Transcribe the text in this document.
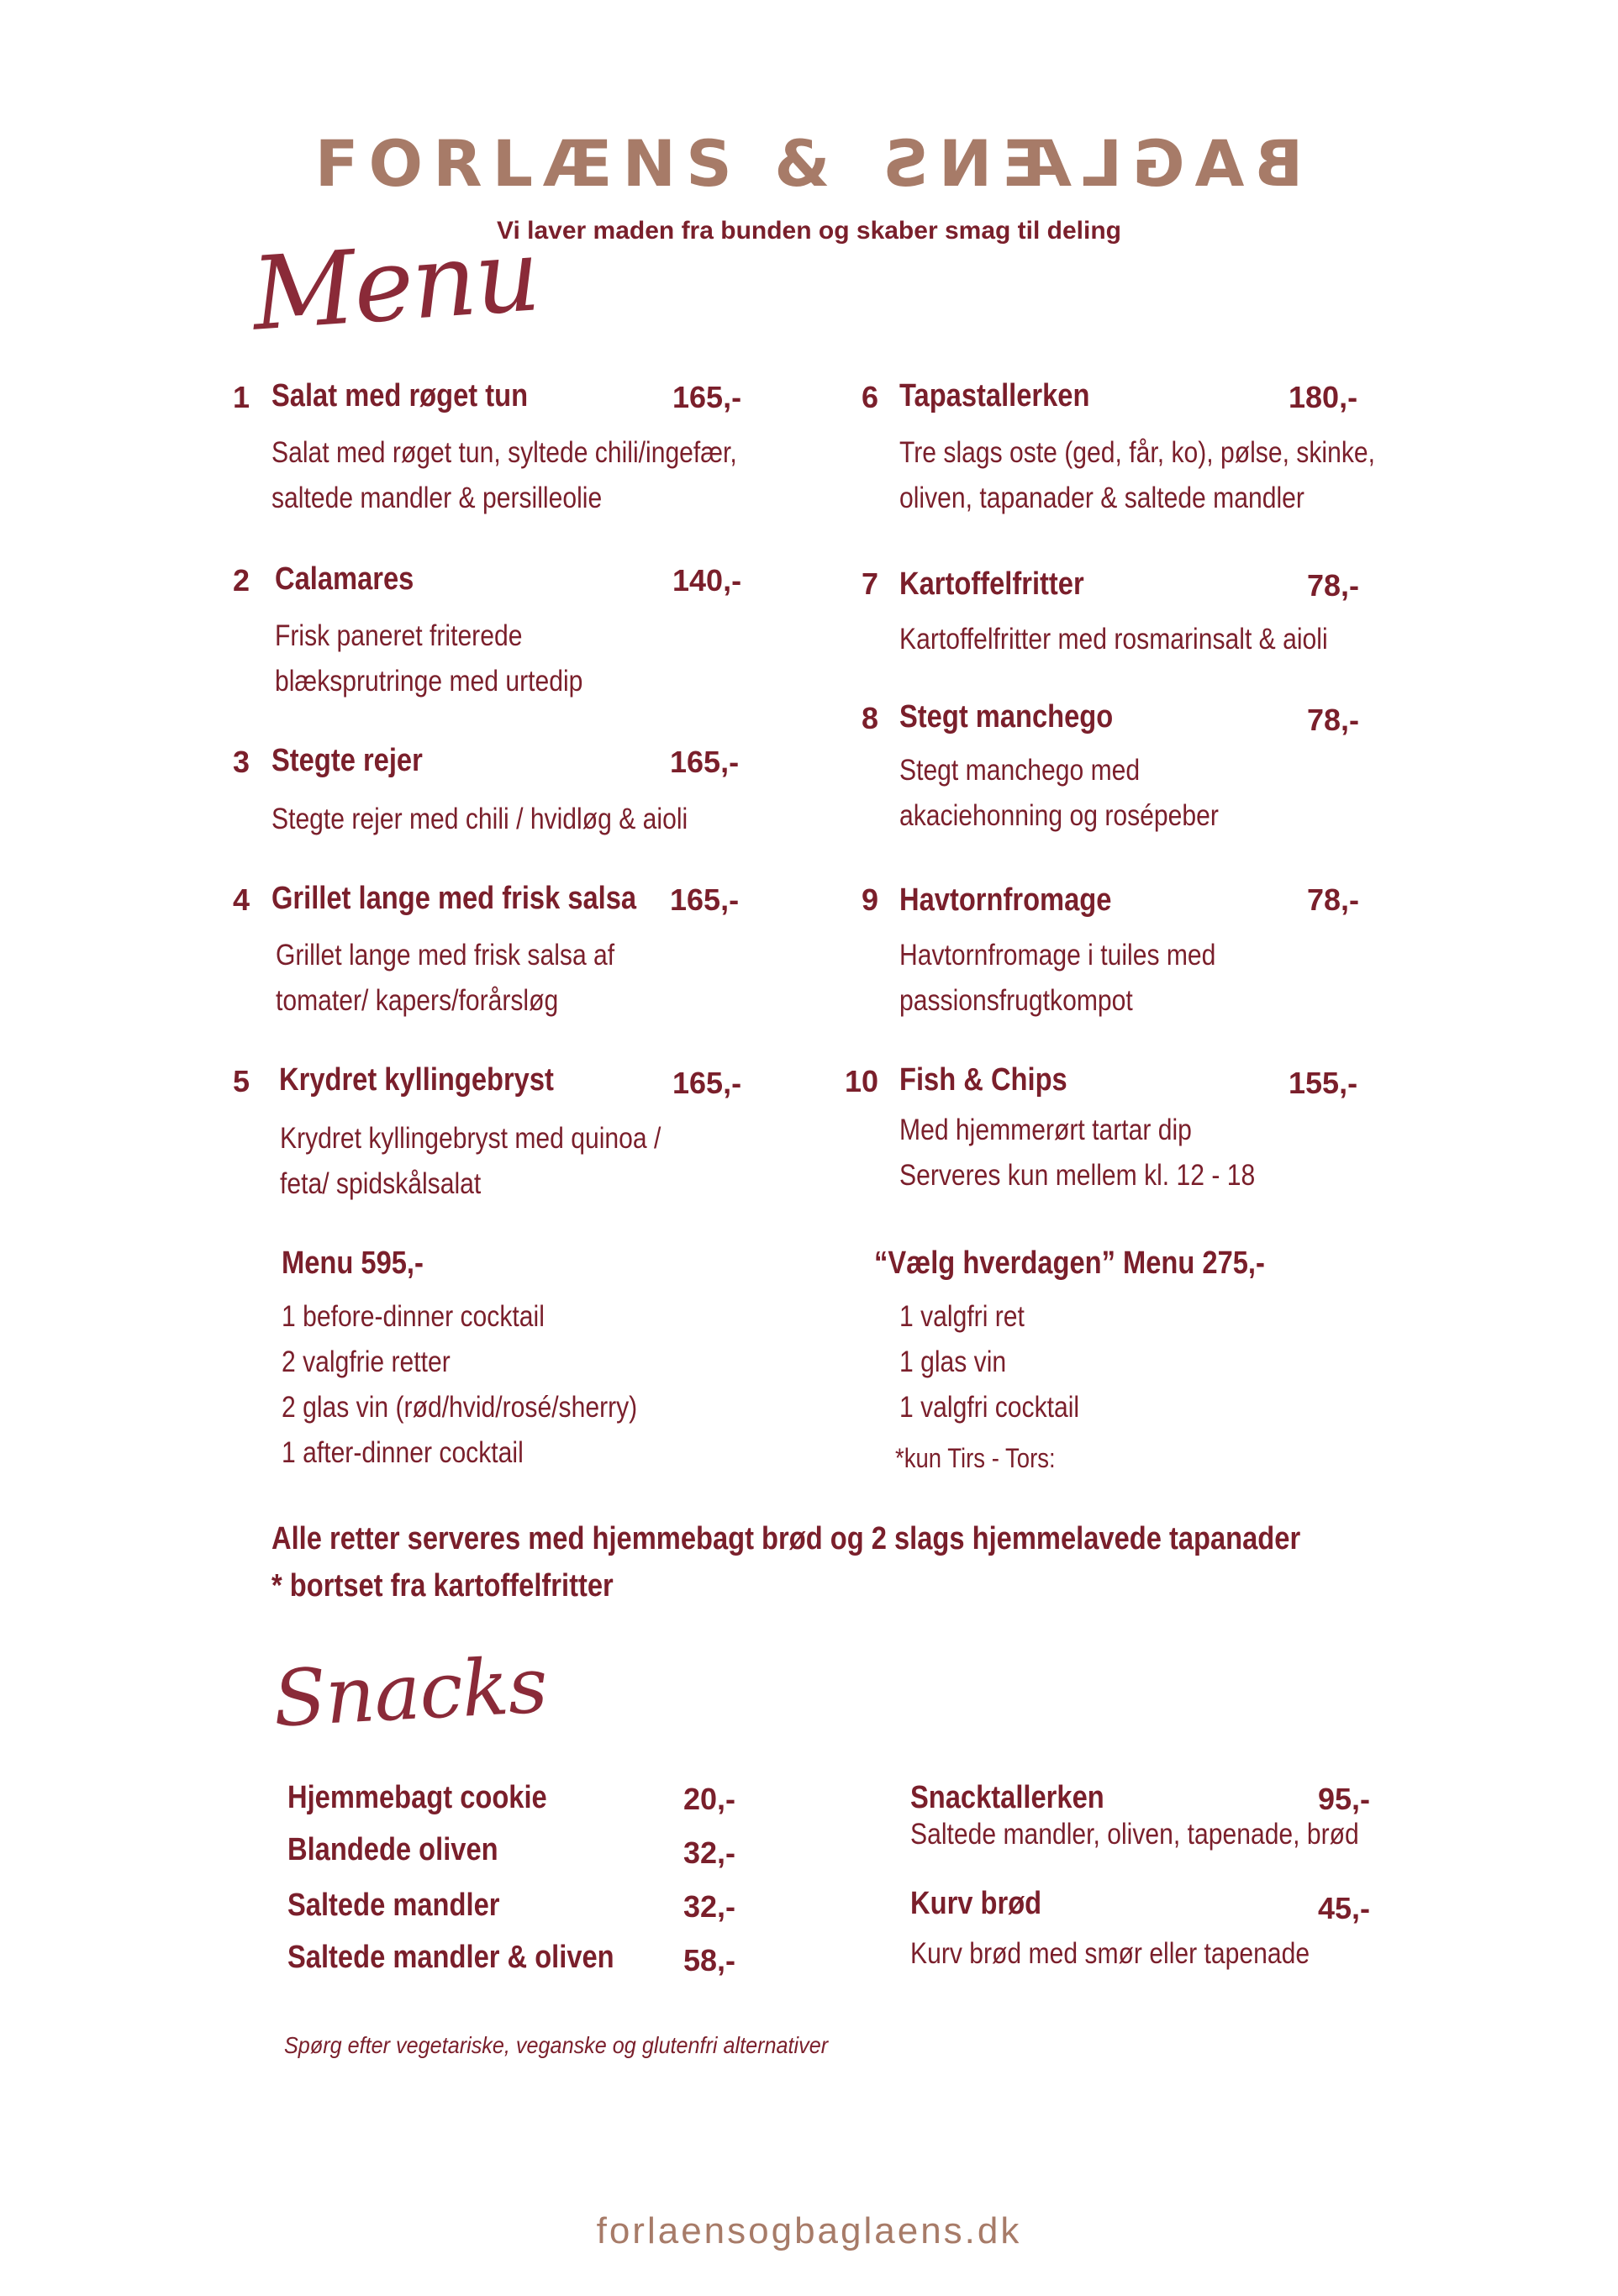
FORLÆNS & BAGLÆNS
Vi laver maden fra bunden og skaber smag til deling
Menu
1 Salat med røget tun	165,-
Salat med røget tun, syltede chili/ingefær,
saltede mandler & persilleolie
2 Calamares	140,-
Frisk paneret friterede
blæksprutringe med urtedip
3 Stegte rejer	165,-
Stegte rejer med chili / hvidløg & aioli
4 Grillet lange med frisk salsa 165,-
Grillet lange med frisk salsa af
tomater/ kapers/forårsløg
5 Krydret kyllingebryst	165,-
Krydret kyllingebryst med quinoa /
feta/ spidskålsalat
6 Tapastallerken	180,-
Tre slags oste (ged, får, ko), pølse, skinke,
oliven, tapanader & saltede mandler
7 Kartoffelfritter	78,-
Kartoffelfritter med rosmarinsalt & aioli
8 Stegt manchego	78,-
Stegt manchego med
akaciehonning og rosépeber
9 Havtornfromage	78,-
Havtornfromage i tuiles med
passionsfrugtkompot
10 Fish & Chips	155,-
Med hjemmerørt tartar dip
Serveres kun mellem kl. 12 - 18
Menu 595,-
1 before-dinner cocktail
2 valgfrie retter
2 glas vin (rød/hvid/rosé/sherry)
1 after-dinner cocktail
“Vælg hverdagen” Menu 275,-
1 valgfri ret
1 glas vin
1 valgfri cocktail
*kun Tirs - Tors:
Alle retter serveres med hjemmebagt brød og 2 slags hjemmelavede tapanader
* bortset fra kartoffelfritter
Snacks
Hjemmebagt cookie	20,-
Blandede oliven	32,-
Saltede mandler	32,-
Saltede mandler & oliven 58,-
Snacktallerken	95,-
Saltede mandler, oliven, tapenade, brød
Kurv brød	45,-
Kurv brød med smør eller tapenade
Spørg efter vegetariske, veganske og glutenfri alternativer
forlaensogbaglaens.dk
